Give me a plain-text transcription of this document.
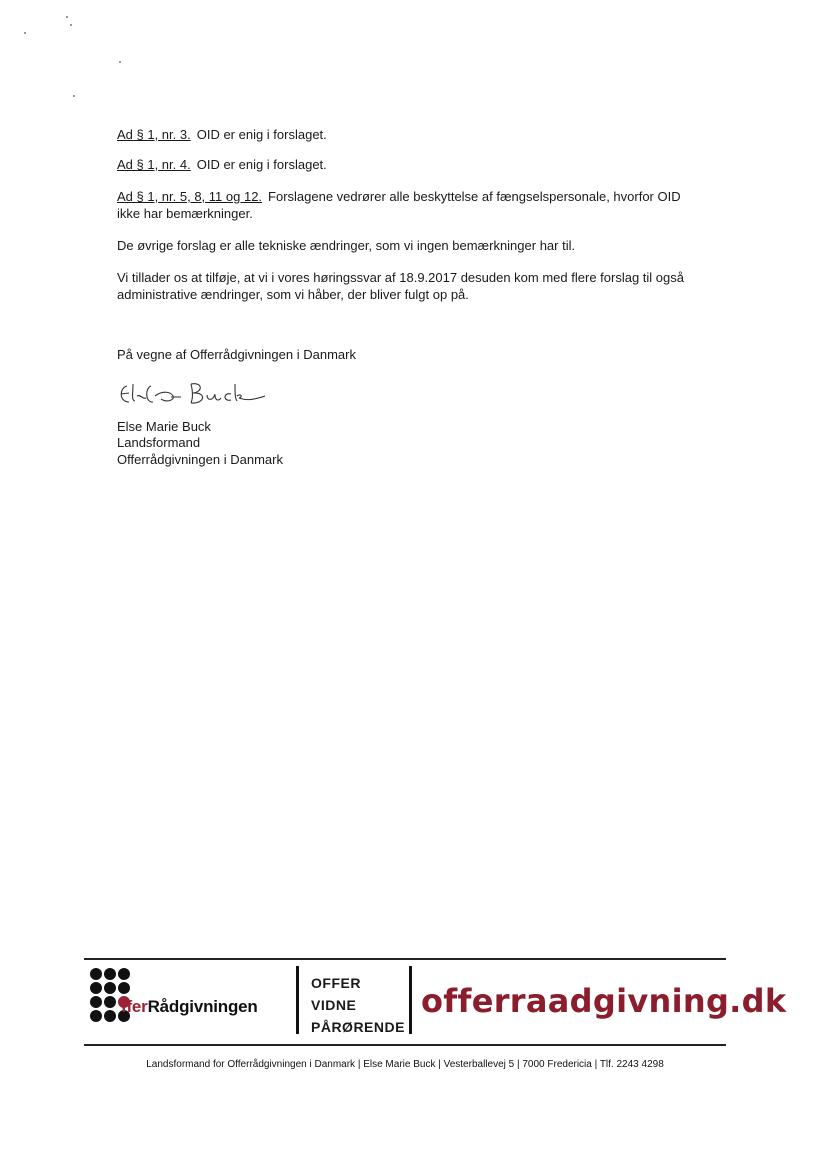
Ad § 1, nr. 3. OID er enig i forslaget.
Ad § 1, nr. 4. OID er enig i forslaget.
Ad § 1, nr. 5, 8, 11 og 12. Forslagene vedrører alle beskyttelse af fængselspersonale, hvorfor OID ikke har bemærkninger.
De øvrige forslag er alle tekniske ændringer, som vi ingen bemærkninger har til.
Vi tillader os at tilføje, at vi i vores høringssvar af 18.9.2017 desuden kom med flere forslag til også administrative ændringer, som vi håber, der bliver fulgt op på.
På vegne af Offerrådgivningen i Danmark
Else Marie Buck
Landsformand
Offerrådgivningen i Danmark
fferRådgivningen
OFFER
VIDNE
PÅRØRENDE
offerraadgivning.dk
Landsformand for Offerrådgivningen i Danmark | Else Marie Buck | Vesterballevej 5 | 7000 Fredericia | Tlf. 2243 4298
